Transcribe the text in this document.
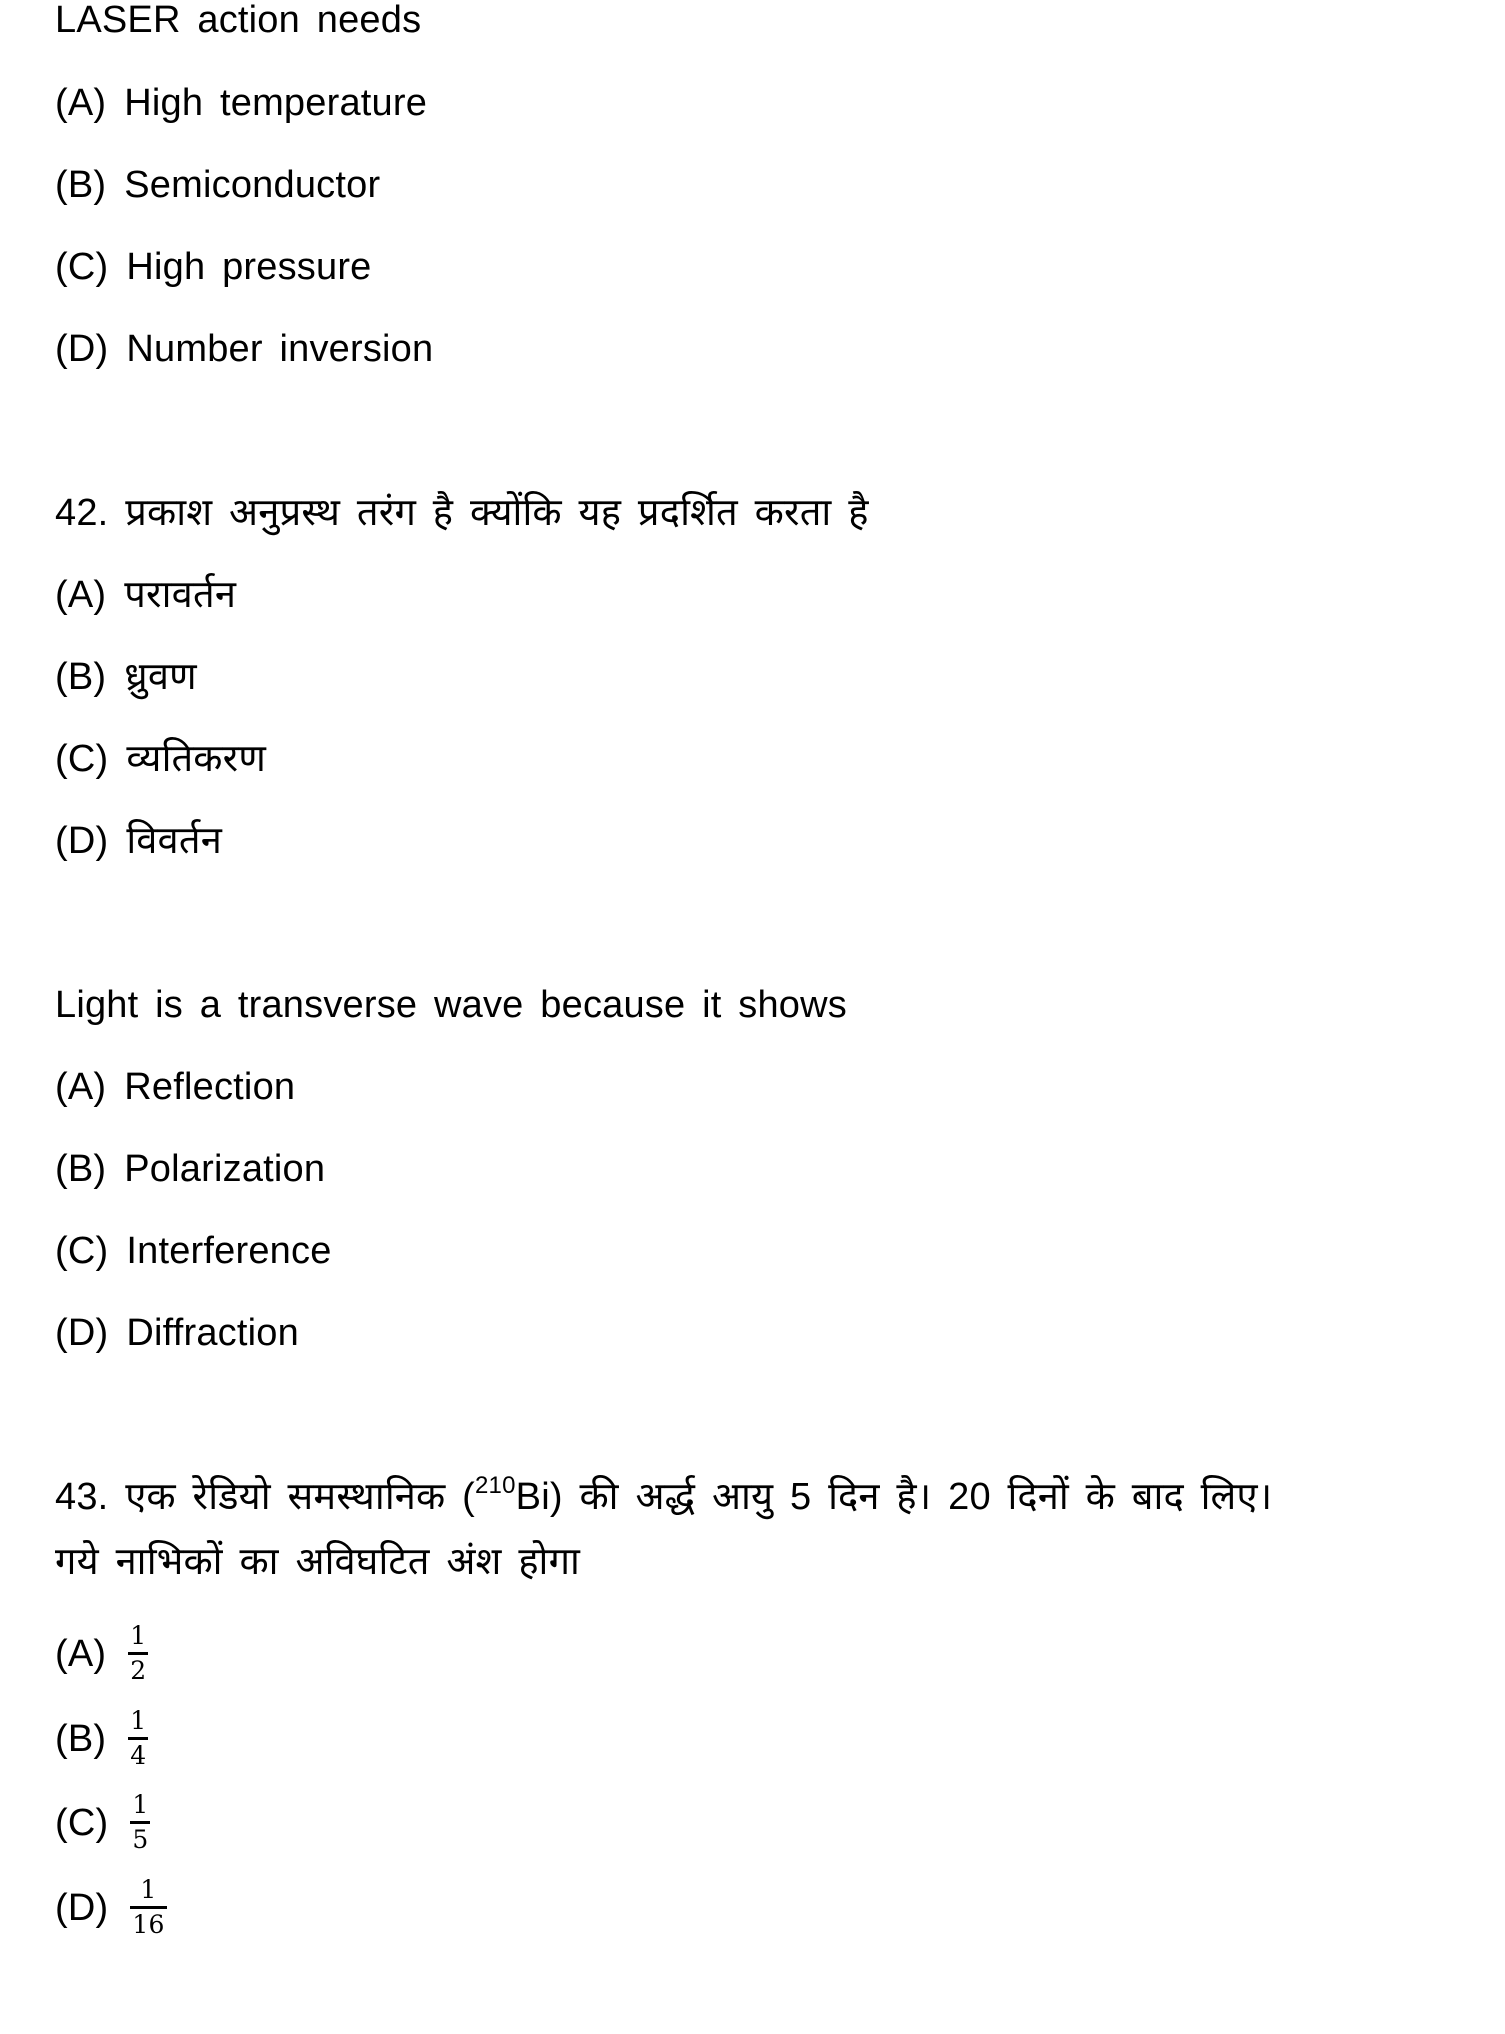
LASER action needs
(A) High temperature
(B) Semiconductor
(C) High pressure
(D) Number inversion
42. प्रकाश अनुप्रस्थ तरंग है क्योंकि यह प्रदर्शित करता है
(A) परावर्तन
(B) ध्रुवण
(C) व्यतिकरण
(D) विवर्तन
Light is a transverse wave because it shows
(A) Reflection
(B) Polarization
(C) Interference
(D) Diffraction
43. एक रेडियो समस्थानिक ($^{210}$Bi) की अर्द्ध आयु 5 दिन है। 20 दिनों के बाद लिए।
गये नाभिकों का अविघटित अंश होगा
$(A) \frac{1}{2}$
$(B) \frac{1}{4}$
$(C) \frac{1}{5}$
$(D) \frac{1}{16}$
